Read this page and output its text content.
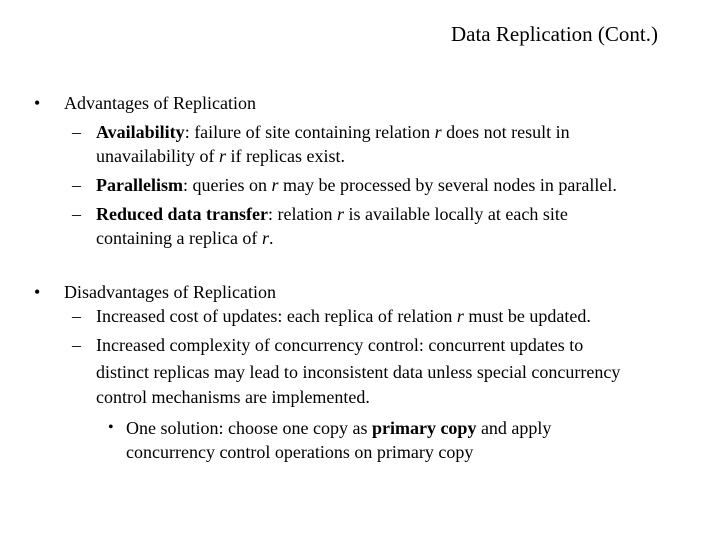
Data Replication (Cont.)
• Advantages of Replication
– Availability: failure of site containing relation r does not result in
unavailability of r if replicas exist.
– Parallelism: queries on r may be processed by several nodes in parallel.
– Reduced data transfer: relation r is available locally at each site
containing a replica of r.
• Disadvantages of Replication
– Increased cost of updates: each replica of relation r must be updated.
– Increased complexity of concurrency control: concurrent updates to
distinct replicas may lead to inconsistent data unless special concurrency
control mechanisms are implemented.
• One solution: choose one copy as primary copy and apply
concurrency control operations on primary copy
